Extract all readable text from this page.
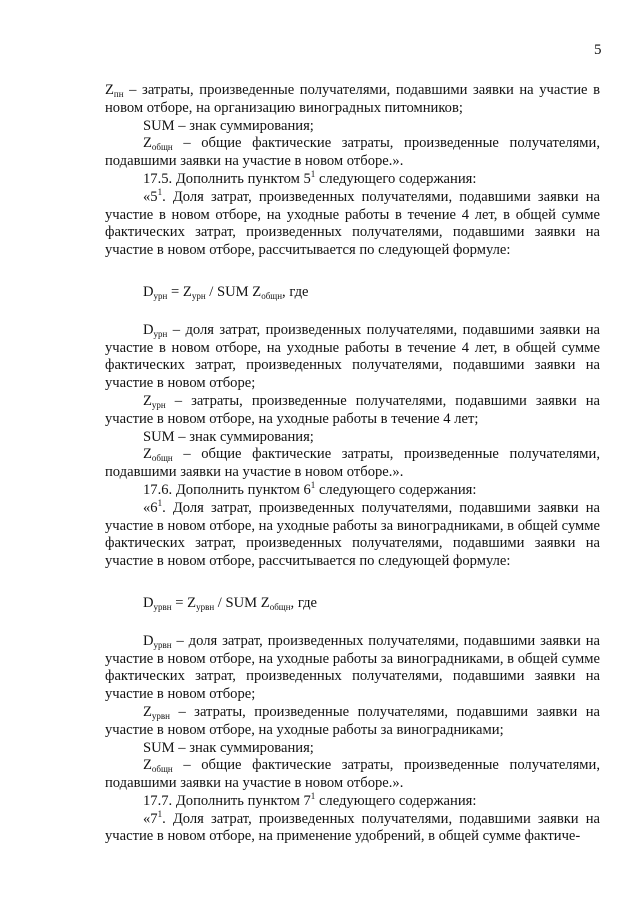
5

$Z_{пн}$ – затраты, произведенные получателями, подавшими заявки на участие в новом отборе, на организацию виноградных питомников;

SUM – знак суммирования;

$Z_{общн}$ – общие фактические затраты, произведенные получателями, подавшими заявки на участие в новом отборе.».

17.5. Дополнить пунктом $5^1$ следующего содержания:

«$5^1$. Доля затрат, произведенных получателями, подавшими заявки на участие в новом отборе, на уходные работы в течение 4 лет, в общей сумме фактических затрат, произведенных получателями, подавшими заявки на участие в новом отборе, рассчитывается по следующей формуле:

$D_{урн} = Z_{урн}$ / SUM $Z_{общн}$, где

$D_{урн}$ – доля затрат, произведенных получателями, подавшими заявки на участие в новом отборе, на уходные работы в течение 4 лет, в общей сумме фактических затрат, произведенных получателями, подавшими заявки на участие в новом отборе;

$Z_{урн}$ – затраты, произведенные получателями, подавшими заявки на участие в новом отборе, на уходные работы в течение 4 лет;

SUM – знак суммирования;

$Z_{общн}$ – общие фактические затраты, произведенные получателями, подавшими заявки на участие в новом отборе.».

17.6. Дополнить пунктом $6^1$ следующего содержания:

«$6^1$. Доля затрат, произведенных получателями, подавшими заявки на участие в новом отборе, на уходные работы за виноградниками, в общей сумме фактических затрат, произведенных получателями, подавшими заявки на участие в новом отборе, рассчитывается по следующей формуле:

$D_{урвн} = Z_{урвн}$ / SUM $Z_{общн}$, где

$D_{урвн}$ – доля затрат, произведенных получателями, подавшими заявки на участие в новом отборе, на уходные работы за виноградниками, в общей сумме фактических затрат, произведенных получателями, подавшими заявки на участие в новом отборе;

$Z_{урвн}$ – затраты, произведенные получателями, подавшими заявки на участие в новом отборе, на уходные работы за виноградниками;

SUM – знак суммирования;

$Z_{общн}$ – общие фактические затраты, произведенные получателями, подавшими заявки на участие в новом отборе.».

17.7. Дополнить пунктом $7^1$ следующего содержания:

«$7^1$. Доля затрат, произведенных получателями, подавшими заявки на участие в новом отборе, на применение удобрений, в общей сумме фактиче-
